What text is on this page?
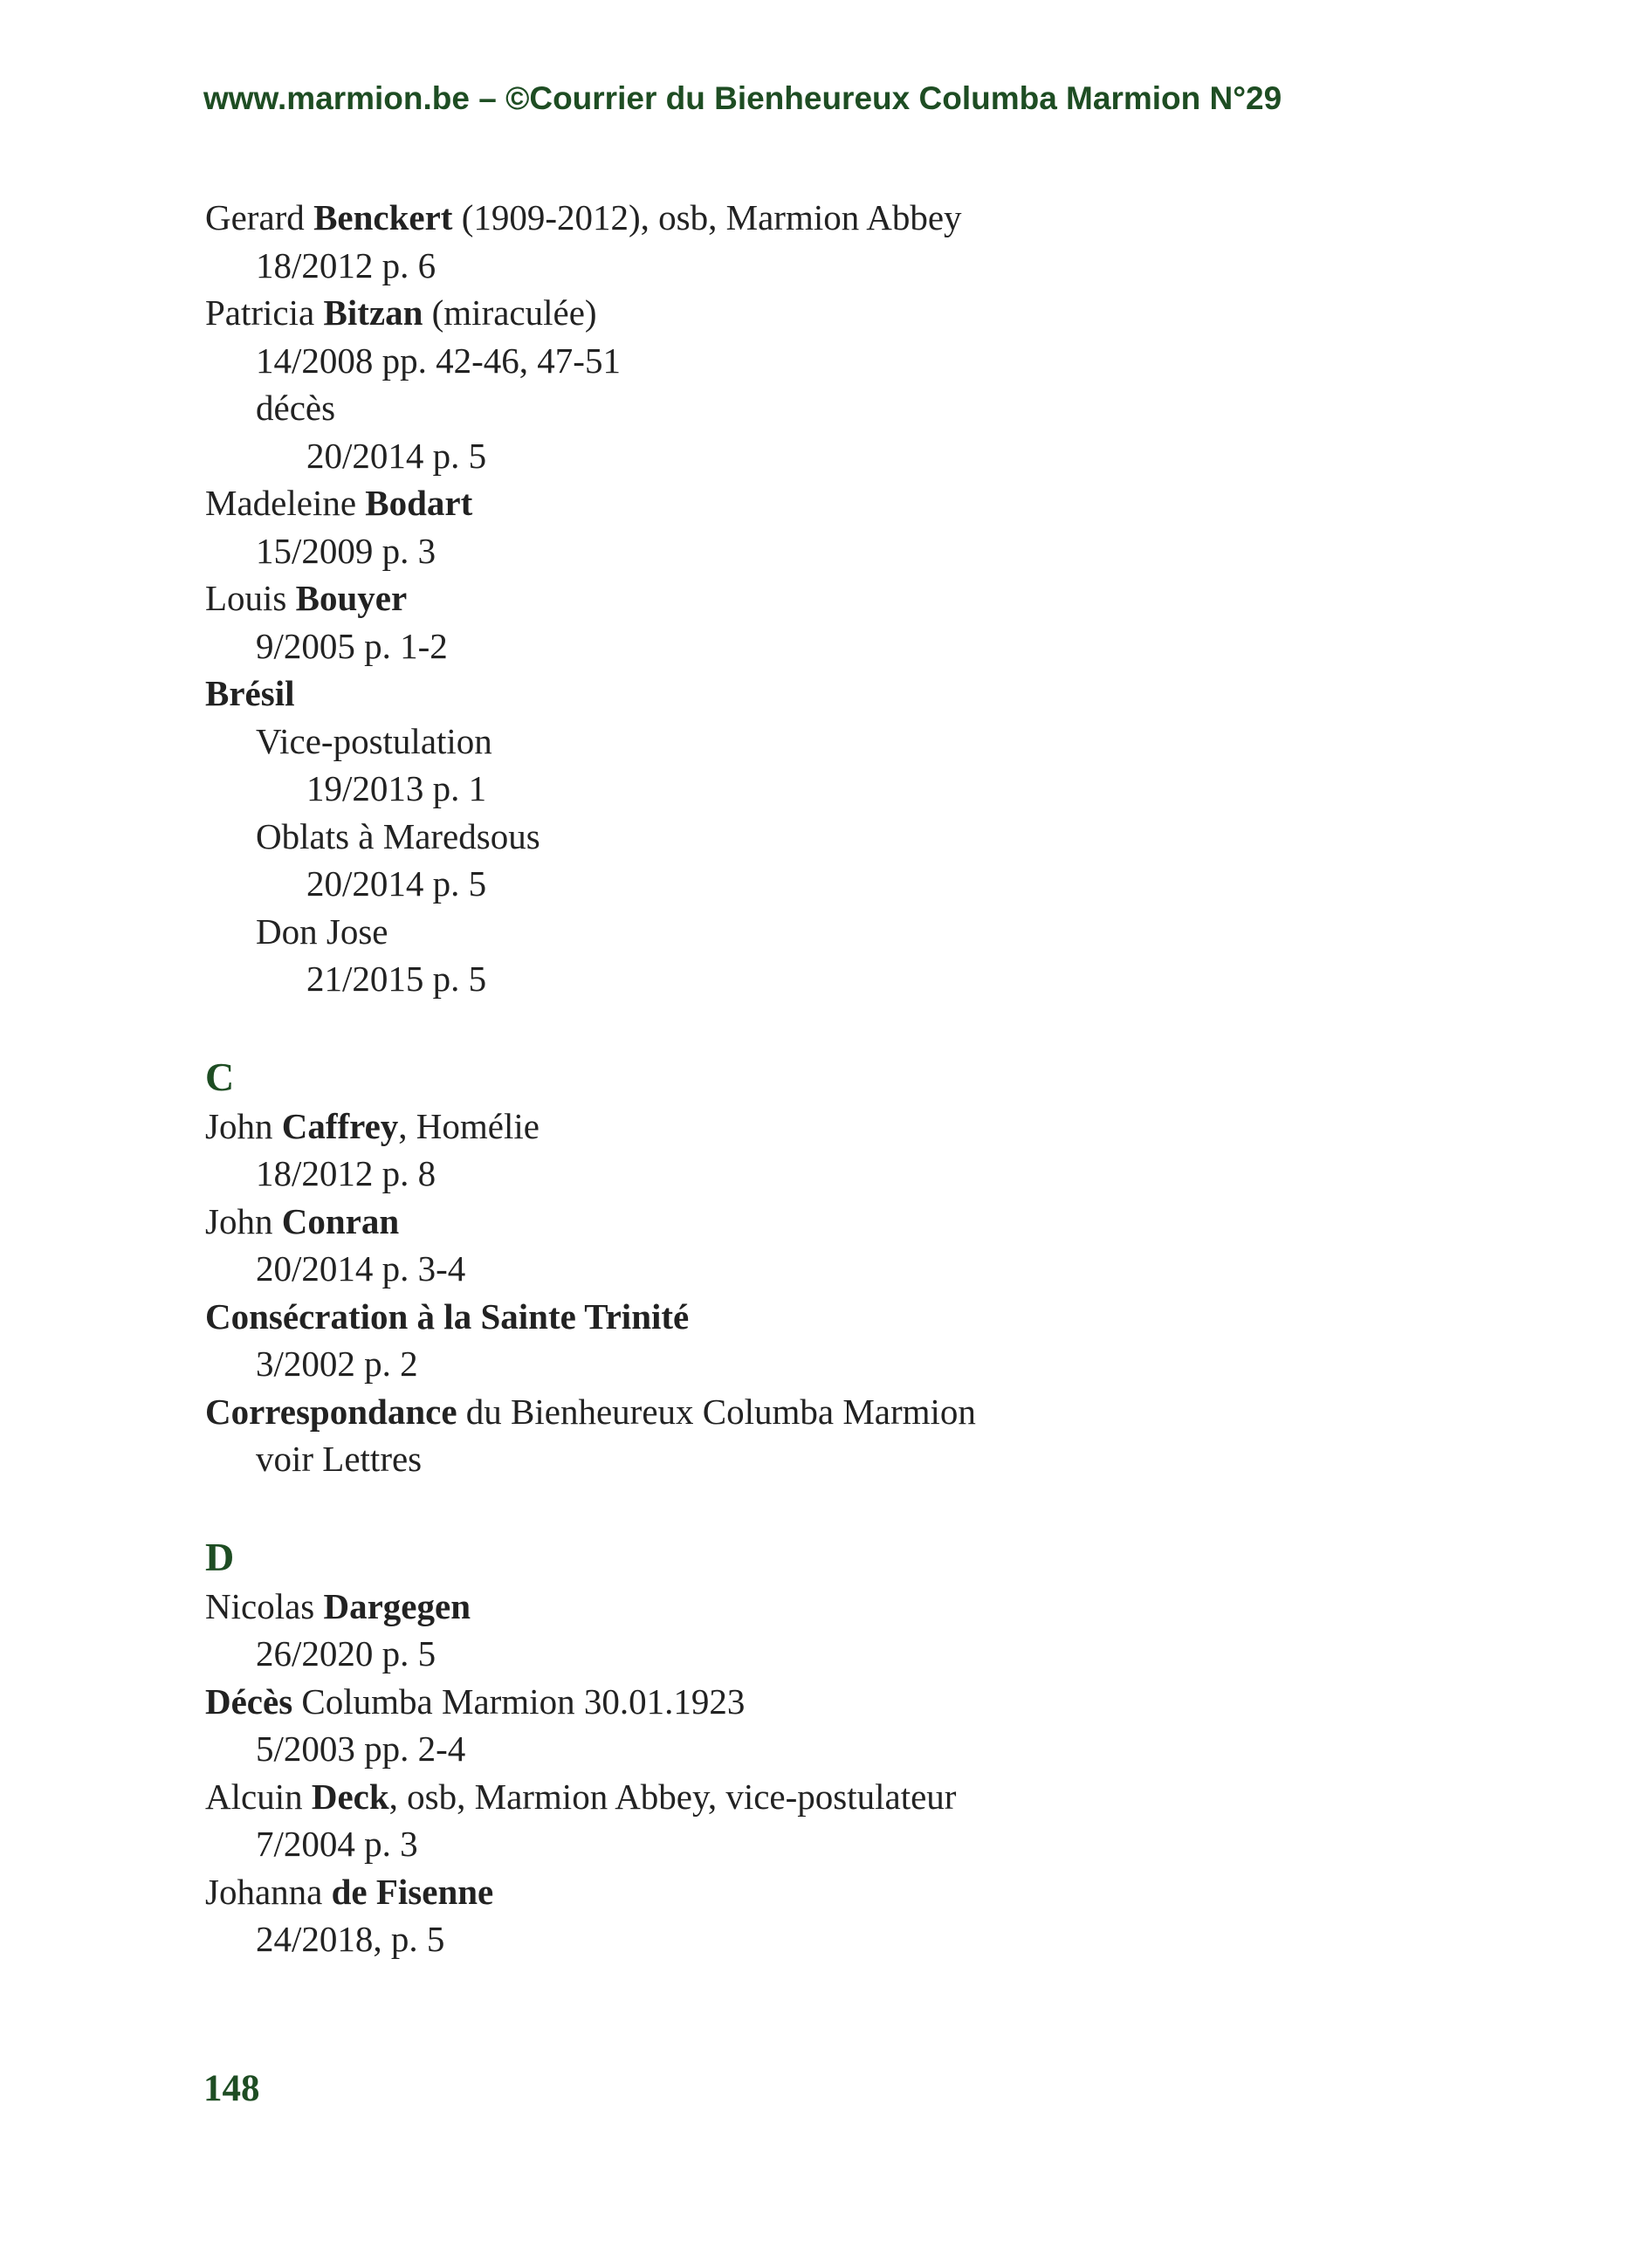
www.marmion.be – ©Courrier du Bienheureux Columba Marmion N°29
Gerard Benckert (1909-2012), osb, Marmion Abbey
18/2012 p. 6
Patricia Bitzan (miraculée)
14/2008 pp. 42-46, 47-51
décès
20/2014 p. 5
Madeleine Bodart
15/2009 p. 3
Louis Bouyer
9/2005 p. 1-2
Brésil
Vice-postulation
19/2013 p. 1
Oblats à Maredsous
20/2014 p. 5
Don Jose
21/2015 p. 5
C
John Caffrey, Homélie
18/2012 p. 8
John Conran
20/2014 p. 3-4
Consécration à la Sainte Trinité
3/2002 p. 2
Correspondance du Bienheureux Columba Marmion
voir Lettres
D
Nicolas Dargegen
26/2020 p. 5
Décès Columba Marmion 30.01.1923
5/2003 pp. 2-4
Alcuin Deck, osb, Marmion Abbey, vice-postulateur
7/2004 p. 3
Johanna de Fisenne
24/2018, p. 5
148
